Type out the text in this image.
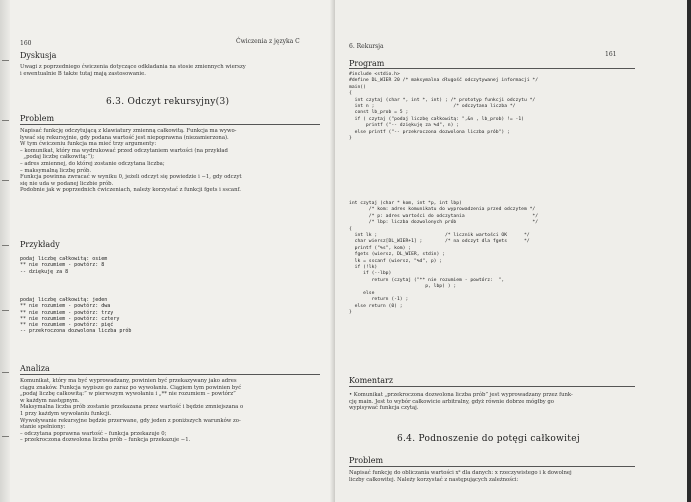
160	Ćwiczenia z języka C
Dyskusja
Uwagi z poprzedniego ćwiczenia dotyczące odkładania na stosie zmiennych wierszy
i ewentualnie B także tutaj mają zastosowanie.
6.3. Odczyt rekursyjny(3)
Problem
Napisać funkcję odczytującą z klawiatury zmienną całkowitą. Funkcja ma wywo-
ływać się rekursyjnie, gdy podana wartość jest niepoprawna (niezamierzona).
W tym ćwiczeniu funkcja ma mieć trzy argumenty:
– komunikat, który ma wydrukować przed odczytaniem wartości (na przykład
„podaj liczbę całkowitą:”);
– adres zmiennej, do której zostanie odczytana liczba;
– maksymalną liczbę prób.
Funkcja powinna zwracać w wyniku 0, jeżeli odczyt się powiedzie i −1, gdy odczyt
się nie uda w podanej liczbie prób.
Podobnie jak w poprzednich ćwiczeniach, należy korzystać z funkcji fgets i sscanf.
Przykłady
podaj liczbę całkowitą: osiem
** nie rozumiem - powtórz: 8
-- dziękuję za 8
podaj liczbę całkowitą: jeden
** nie rozumiem - powtórz: dwa
** nie rozumiem - powtórz: trzy
** nie rozumiem - powtórz: cztery
** nie rozumiem - powtórz: pięć
-- przekroczona dozwolona liczba prób
Analiza
Komunikat, który ma być wyprowadzany, powinien być przekazywany jako adres
ciągu znaków. Funkcja wypisze go zaraz po wywołaniu. Ciągiem tym powinien być
„podaj liczbę całkowitą:” w pierwszym wywołaniu i „** nie rozumiem – powtórz”
w każdym następnym.
Maksymalna liczba prób zostanie przekazana przez wartość i będzie zmniejszana o
1 przy każdym wywołaniu funkcji.
Wywoływanie rekursyjne będzie przerwane, gdy jeden z poniższych warunków zo-
stanie spełniony:
– odczytana poprawna wartość – funkcja przekazuje 0;
– przekroczona dozwolona liczba prób – funkcja przekazuje −1.
6. Rekursja
161
Program
#include <stdio.h>
#define DL_WIER 20 /* maksymalna długość odczytywanej informacji */
main()
{
int czytaj (char *, int *, int) ; /* prototyp funkcji odczytu */
int n ;                            /* odczytana liczba */
const lb_prob = 5 ;
if ( czytaj ("podaj liczbę całkowitą: ",&n , lb_prob) != -1)
printf ("-- dziękuję za %d", n) ;
else printf ("-- przekroczona dozwolona liczba prób") ;
}
int czytaj (char * kom, int *p, int lbp)
/* kom: adres komunikatu do wyprowadzenia przed odczytem */
/* p: adres wartości do odczytania                        */
/* lbp: liczba dozwolonych prób                           */
{
int lk ;                        /* licznik wartości OK      */
char wiersz[DL_WIER+1] ;        /* na odczyt dla fgets      */
printf ("%s", kom) ;
fgets (wiersz, DL_WIER, stdin) ;
lk = sscanf (wiersz, "%d", p) ;
if (!lk)
if (--lbp)
return (czytaj ("** nie rozumiem - powtórz:  ",
p, lbp) ) ;
else
return (-1) ;
else return (0) ;
}
Komentarz
• Komunikat „przekroczona dozwolona liczba prób” jest wyprowadzany przez funk-
cję main. Jest to wybór całkowicie arbitralny, gdyż równie dobrze mógłby go
wypisywać funkcja czytaj.
6.4. Podnoszenie do potęgi całkowitej
Problem
Napisać funkcję do obliczania wartości xᵏ dla danych: x rzeczywistego i k dowolnej
liczby całkowitej. Należy korzystać z następujących zależności:
